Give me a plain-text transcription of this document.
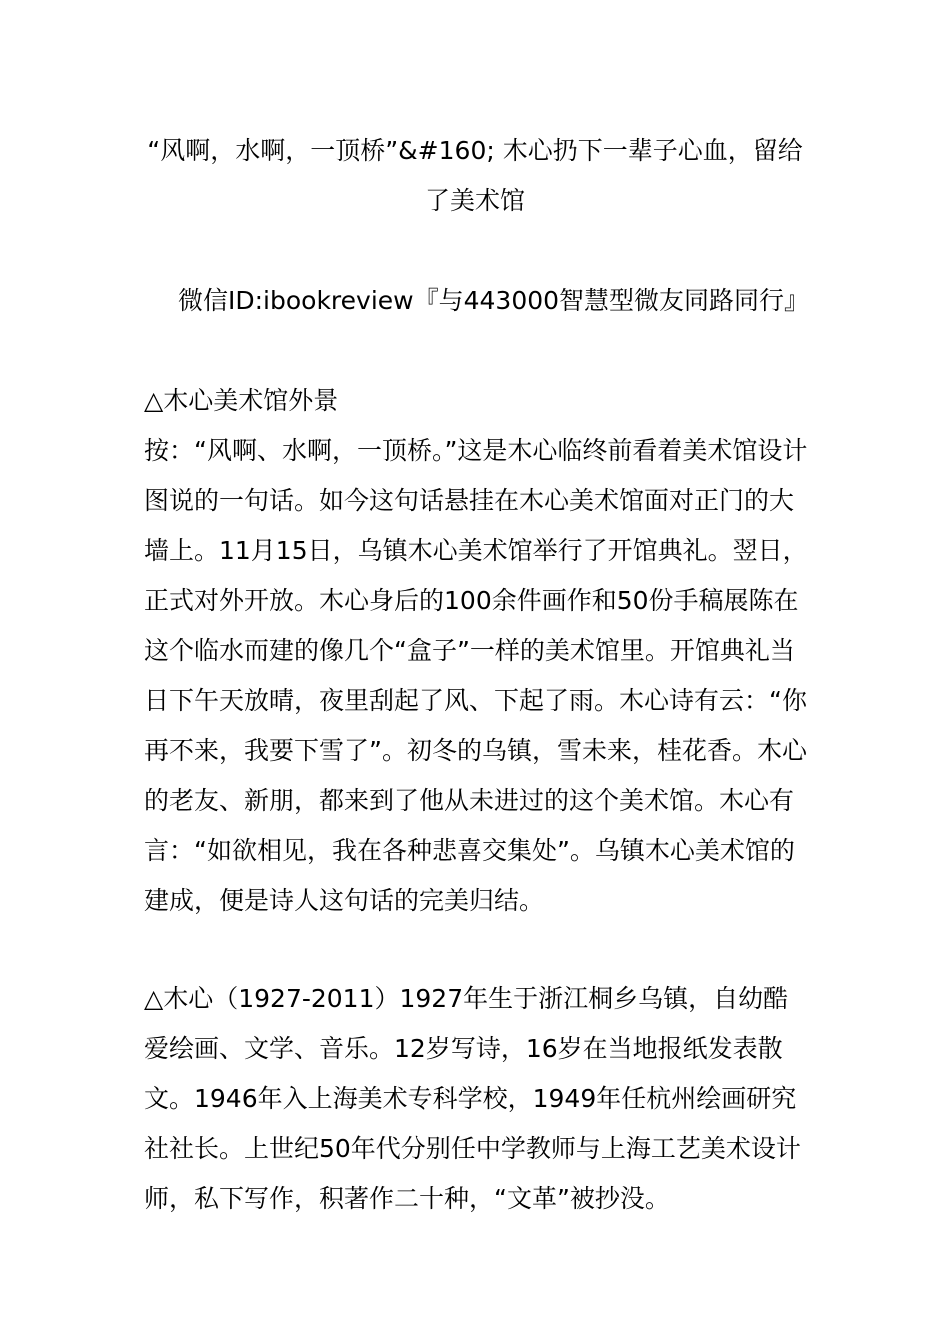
“风啊，水啊，一顶桥”&#160; 木心扔下一辈子心血，留给了美术馆

微信ID:ibookreview『与443000智慧型微友同路同行』

△木心美术馆外景

按：“风啊、水啊，一顶桥。”这是木心临终前看着美术馆设计图说的一句话。如今这句话悬挂在木心美术馆面对正门的大墙上。11月15日，乌镇木心美术馆举行了开馆典礼。翌日，正式对外开放。木心身后的100余件画作和50份手稿展陈在这个临水而建的像几个“盒子”一样的美术馆里。开馆典礼当日下午天放晴，夜里刮起了风、下起了雨。木心诗有云：“你再不来，我要下雪了”。初冬的乌镇，雪未来，桂花香。木心的老友、新朋，都来到了他从未进过的这个美术馆。木心有言：“如欲相见，我在各种悲喜交集处”。乌镇木心美术馆的建成，便是诗人这句话的完美归结。

△木心（1927-2011）1927年生于浙江桐乡乌镇，自幼酷爱绘画、文学、音乐。12岁写诗，16岁在当地报纸发表散文。1946年入上海美术专科学校，1949年任杭州绘画研究社社长。上世纪50年代分别任中学教师与上海工艺美术设计师，私下写作，积著作二十种，“文革”被抄没。
